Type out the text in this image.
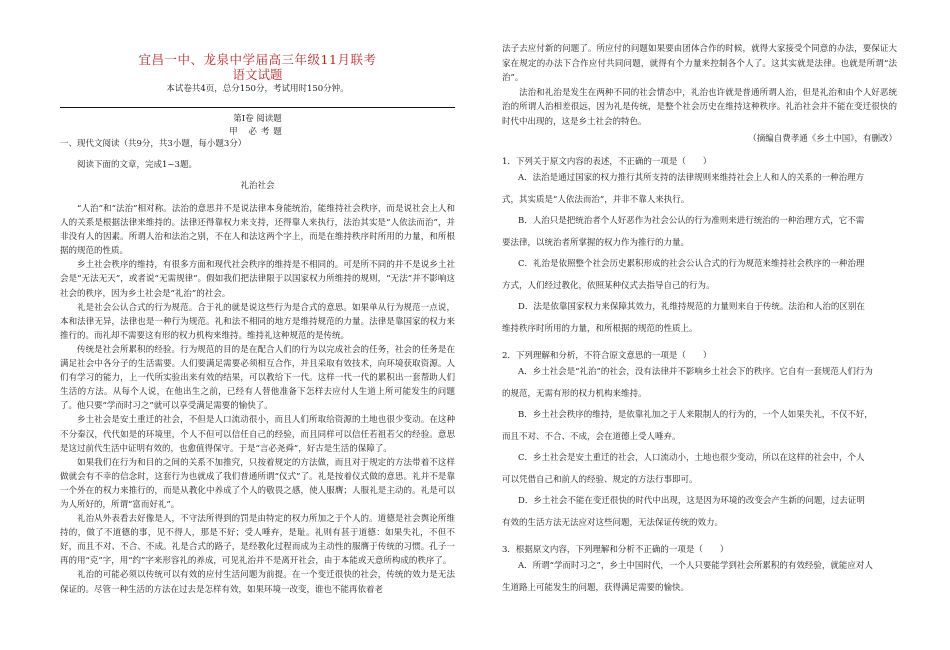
宜昌一中、龙泉中学届高三年级11月联考
语文试题
本试卷共4页，总分150分，考试用时150分钟。
第Ⅰ卷 阅读题
甲 必考题
一、现代文阅读（共9分，共3小题，每小题3分）
阅读下面的文章，完成1~3题。
礼治社会

“人治”和“法治”相对称。法治的意思并不是说法律本身能统治，能维持社会秩序，而是说社会上人和人的关系是根据法律来维持的。法律还得靠权力来支持，还得靠人来执行，法治其实是“人依法而治”，并非没有人的因素。所谓人治和法治之别，不在人和法这两个字上，而是在维持秩序时所用的力量，和所根据的规范的性质。

乡土社会秩序的维持，有很多方面和现代社会秩序的维持是不相同的。可是所不同的并不是说乡土社会是“无法无天”，或者说“无需规律”。假如我们把法律限于以国家权力所维持的规则，“无法”并不影响这社会的秩序，因为乡土社会是“礼治”的社会。

礼是社会公认合式的行为规范。合于礼的就是说这些行为是合式的意思。如果单从行为规范一点说，本和法律无异，法律也是一种行为规范。礼和法不相同的地方是维持规范的力量。法律是靠国家的权力来推行的。而礼却不需要这有形的权力机构来维持。维持礼这种规范的是传统。

传统是社会所累积的经验。行为规范的目的是在配合人们的行为以完成社会的任务，社会的任务是在满足社会中各分子的生活需要。人们要满足需要必须相互合作，并且采取有效技术，向环境获取资源。人们有学习的能力，上一代所实验出来有效的结果，可以教给下一代。这样一代一代的累积出一套帮助人们生活的方法。从每个人说，在他出生之前，已经有人替他准备下怎样去应付人生道上所可能发生的问题了。他只要“学而时习之”就可以享受满足需要的愉快了。

乡土社会是安土重迁的社会，不但是人口流动很小，而且人们所取给资源的土地也很少变动。在这种不分秦汉，代代如是的环境里，个人不但可以信任自己的经验，而且同样可以信任若祖若父的经验。意思是这过前代生活中证明有效的，也愈值得保守。于是“言必尧舜”，好古是生活的保障了。

如果我们在行为和目的之间的关系不加推究，只按着规定的方法做，而且对于规定的方法带着不这样做就会有不幸的信念时，这套行为也就成了我们普通所谓“仪式”了。礼是按着仪式做的意思。礼并不是靠一个外在的权力来推行的，而是从教化中养成了个人的敬畏之感，使人服膺；人服礼是主动的。礼是可以为人所好的，所谓“富而好礼”。

礼治从外表看去好像是人，不守法所得到的罚是由特定的权力所加之于个人的。道德是社会舆论所维持的，做了不道德的事，见不得人，那是不好；受人唾弃，是耻。礼则有甚于道德：如果失礼，不但不好，而且不对、不合、不成。礼是合式的路子，是经教化过程而成为主动性的服膺于传统的习惯。孔子一再的用“克”字，用“约”字来形容礼的养成，可见礼治并不是离开社会，由于本能或天意所构成的秩序了。

礼治的可能必须以传统可以有效的应付生活问题为前提。在一个变迁很快的社会，传统的效力是无法保证的。尽管一种生活的方法在过去是怎样有效，如果环境一改变，谁也不能再依着老

法子去应付新的问题了。所应付的问题如果要由团体合作的时候，就得大家接受个同意的办法，要保证大家在规定的办法下合作应付共同问题，就得有个力量来控制各个人了。这其实就是法律。也就是所谓“法治”。

法治和礼治是发生在两种不同的社会情态中，礼治也许就是普通所谓人治，但是礼治和由个人好恶统治的所谓人治相差很远，因为礼是传统，是整个社会历史在维持这种秩序。礼治社会并不能在变迁很快的时代中出现的，这是乡土社会的特色。

（摘编自费孝通《乡土中国》，有删改）

1．下列关于原文内容的表述，不正确的一项是（　　）

A．法治是通过国家的权力推行其所支持的法律规则来维持社会上人和人的关系的一种治理方
式，其实质是“人依法而治”，并非不靠人来执行。
B．人治只是把统治者个人好恶作为社会公认的行为准则来进行统治的一种治理方式，它不需
要法律，以统治者所掌握的权力作为推行的力量。
C．礼治是依照整个社会历史累积形成的社会公认合式的行为规范来维持社会秩序的一种治理
方式，人们经过教化，依照某种仪式去指导自己的行为。
D．法是依靠国家权力来保障其效力，礼维持规范的力量则来自于传统。法治和人治的区别在
维持秩序时所用的力量，和所根据的规范的性质上。

2．下列理解和分析，不符合原文意思的一项是（　　）

A．乡土社会是“礼治”的社会，没有法律并不影响乡土社会下的秩序。它自有一套规范人们行为
的规范，无需有形的权力机构来维持。
B．乡土社会秩序的维持，是依靠礼加之于人来限制人的行为的，一个人如果失礼，不仅不好，
而且不对、不合、不成，会在道德上受人唾弃。
C．乡土社会是安土重迁的社会，人口流动小，土地也很少变动，所以在这样的社会中，个人
可以凭借自己和前人的经验、规定的方法行事即可。
D．乡土社会不能在变迁很快的时代中出现，这是因为环境的改变会产生新的问题，过去证明
有效的生活方法无法应对这些问题，无法保证传统的效力。

3．根据原文内容，下列理解和分析不正确的一项是（　　）

A．所谓“学而时习之”，乡土中国时代，一个人只要能学到社会所累积的有效经验，就能应对人
生道路上可能发生的问题，获得满足需要的愉快。
